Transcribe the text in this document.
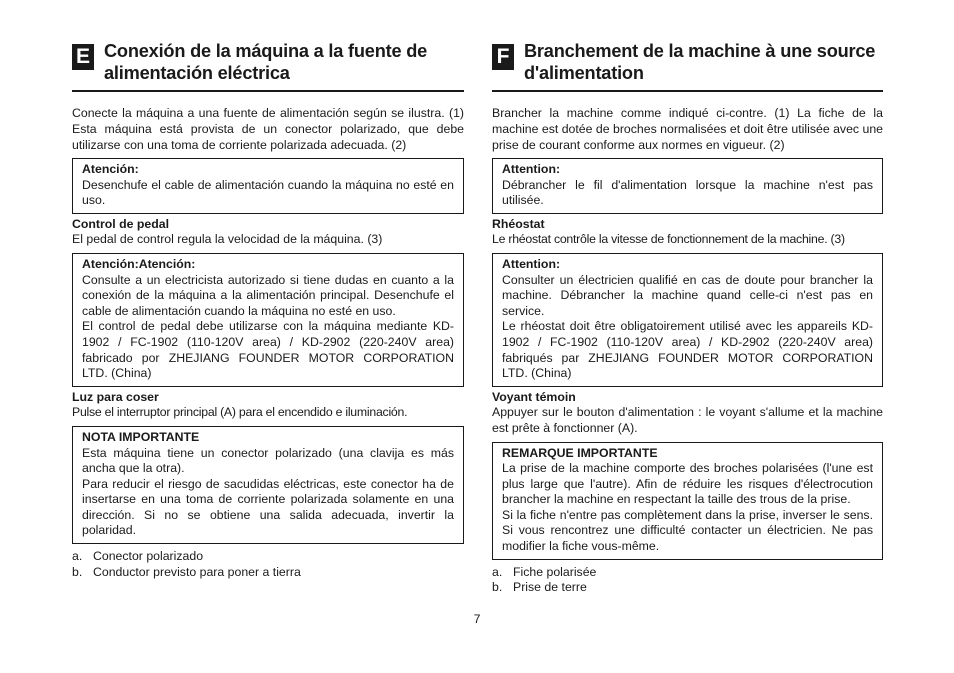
E Conexión de la máquina a la fuente de
alimentación eléctrica
Conecte la máquina a una fuente de alimentación según se ilustra. (1) Esta máquina está provista de un conector polarizado, que debe utilizarse con una toma de corriente polarizada adecuada. (2)

Atención:

Desenchufe el cable de alimentación cuando la máquina no esté en uso.

Control de pedal
El pedal de control regula la velocidad de la máquina. (3)

Atención:Atención:

Consulte a un electricista autorizado si tiene dudas en cuanto a la conexión de la máquina a la alimentación principal. Desenchufe el cable de alimentación cuando la máquina no esté en uso.

El control de pedal debe utilizarse con la máquina mediante KD-1902 / FC-1902 (110-120V area) / KD-2902 (220-240V area) fabricado por ZHEJIANG FOUNDER MOTOR CORPORATION LTD. (China)

Luz para coser
Pulse el interruptor principal (A) para el encendido e iluminación.

NOTA IMPORTANTE

Esta máquina tiene un conector polarizado (una clavija es más ancha que la otra).

Para reducir el riesgo de sacudidas eléctricas, este conector ha de insertarse en una toma de corriente polarizada solamente en una dirección. Si no se obtiene una salida adecuada, invertir la polaridad.

a. Conector polarizado
b. Conductor previsto para poner a tierra
F Branchement de la machine à une source
d'alimentation
Brancher la machine comme indiqué ci-contre. (1) La fiche de la machine est dotée de broches normalisées et doit être utilisée avec une prise de courant conforme aux normes en vigueur. (2)

Attention:

Débrancher le fil d'alimentation lorsque la machine n'est pas utilisée.

Rhéostat
Le rhéostat contrôle la vitesse de fonctionnement de la machine. (3)

Attention:

Consulter un électricien qualifié en cas de doute pour brancher la machine. Débrancher la machine quand celle-ci n'est pas en service.

Le rhéostat doit être obligatoirement utilisé avec les appareils KD-1902 / FC-1902 (110-120V area) / KD-2902 (220-240V area) fabriqués par ZHEJIANG FOUNDER MOTOR CORPORATION LTD. (China)

Voyant témoin
Appuyer sur le bouton d'alimentation : le voyant s'allume et la machine est prête à fonctionner (A).

REMARQUE IMPORTANTE

La prise de la machine comporte des broches polarisées (l'une est plus large que l'autre). Afin de réduire les risques d'électrocution brancher la machine en respectant la taille des trous de la prise.

Si la fiche n'entre pas complètement dans la prise, inverser le sens. Si vous rencontrez une difficulté contacter un électricien. Ne pas modifier la fiche vous-même.

a. Fiche polarisée
b. Prise de terre
7
